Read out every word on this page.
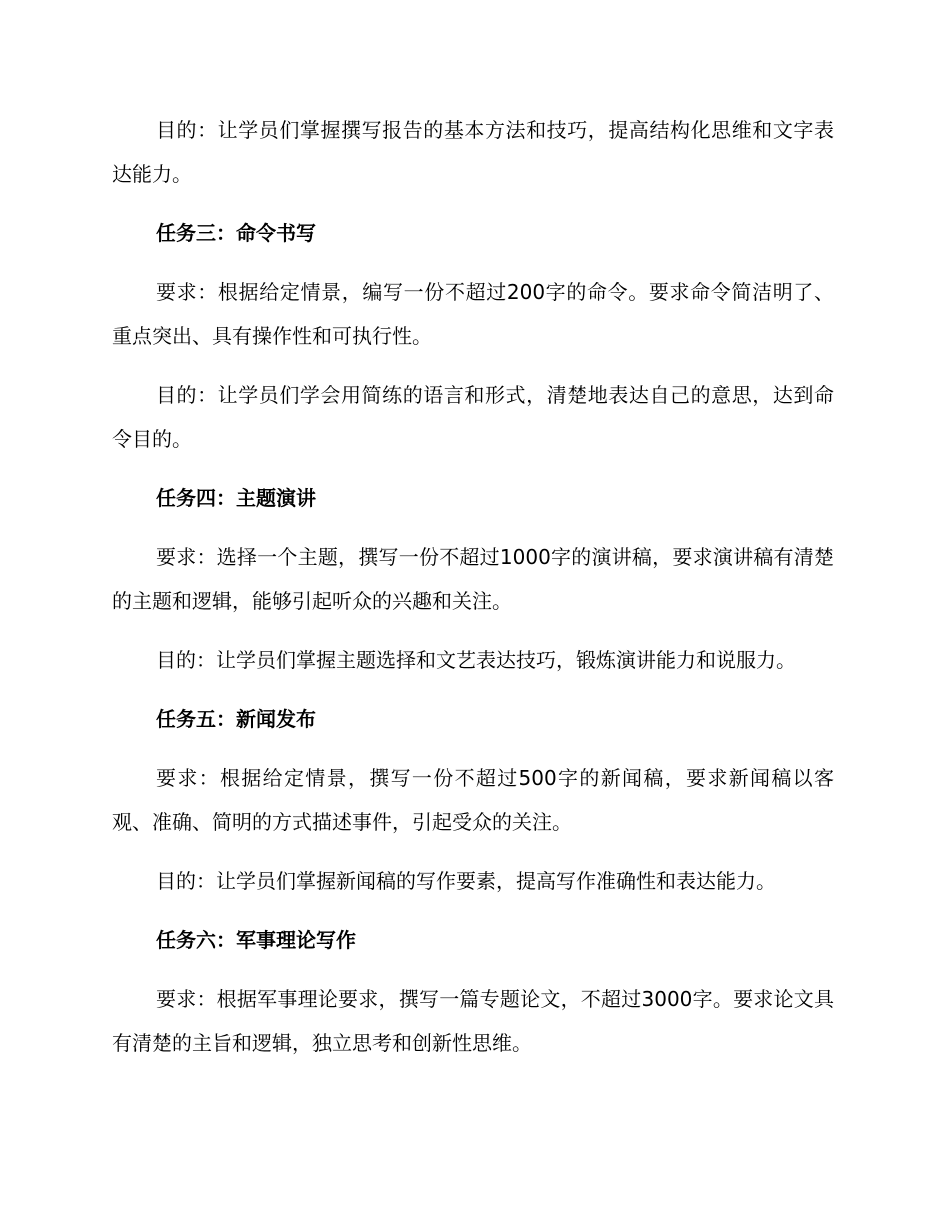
目的：让学员们掌握撰写报告的基本方法和技巧，提高结构化思维和文字表达能力。

任务三：命令书写

要求：根据给定情景，编写一份不超过200字的命令。要求命令简洁明了、重点突出、具有操作性和可执行性。

目的：让学员们学会用简练的语言和形式，清楚地表达自己的意思，达到命令目的。

任务四：主题演讲

要求：选择一个主题，撰写一份不超过1000字的演讲稿，要求演讲稿有清楚的主题和逻辑，能够引起听众的兴趣和关注。

目的：让学员们掌握主题选择和文艺表达技巧，锻炼演讲能力和说服力。

任务五：新闻发布

要求：根据给定情景，撰写一份不超过500字的新闻稿，要求新闻稿以客观、准确、简明的方式描述事件，引起受众的关注。

目的：让学员们掌握新闻稿的写作要素，提高写作准确性和表达能力。

任务六：军事理论写作

要求：根据军事理论要求，撰写一篇专题论文，不超过3000字。要求论文具有清楚的主旨和逻辑，独立思考和创新性思维。
